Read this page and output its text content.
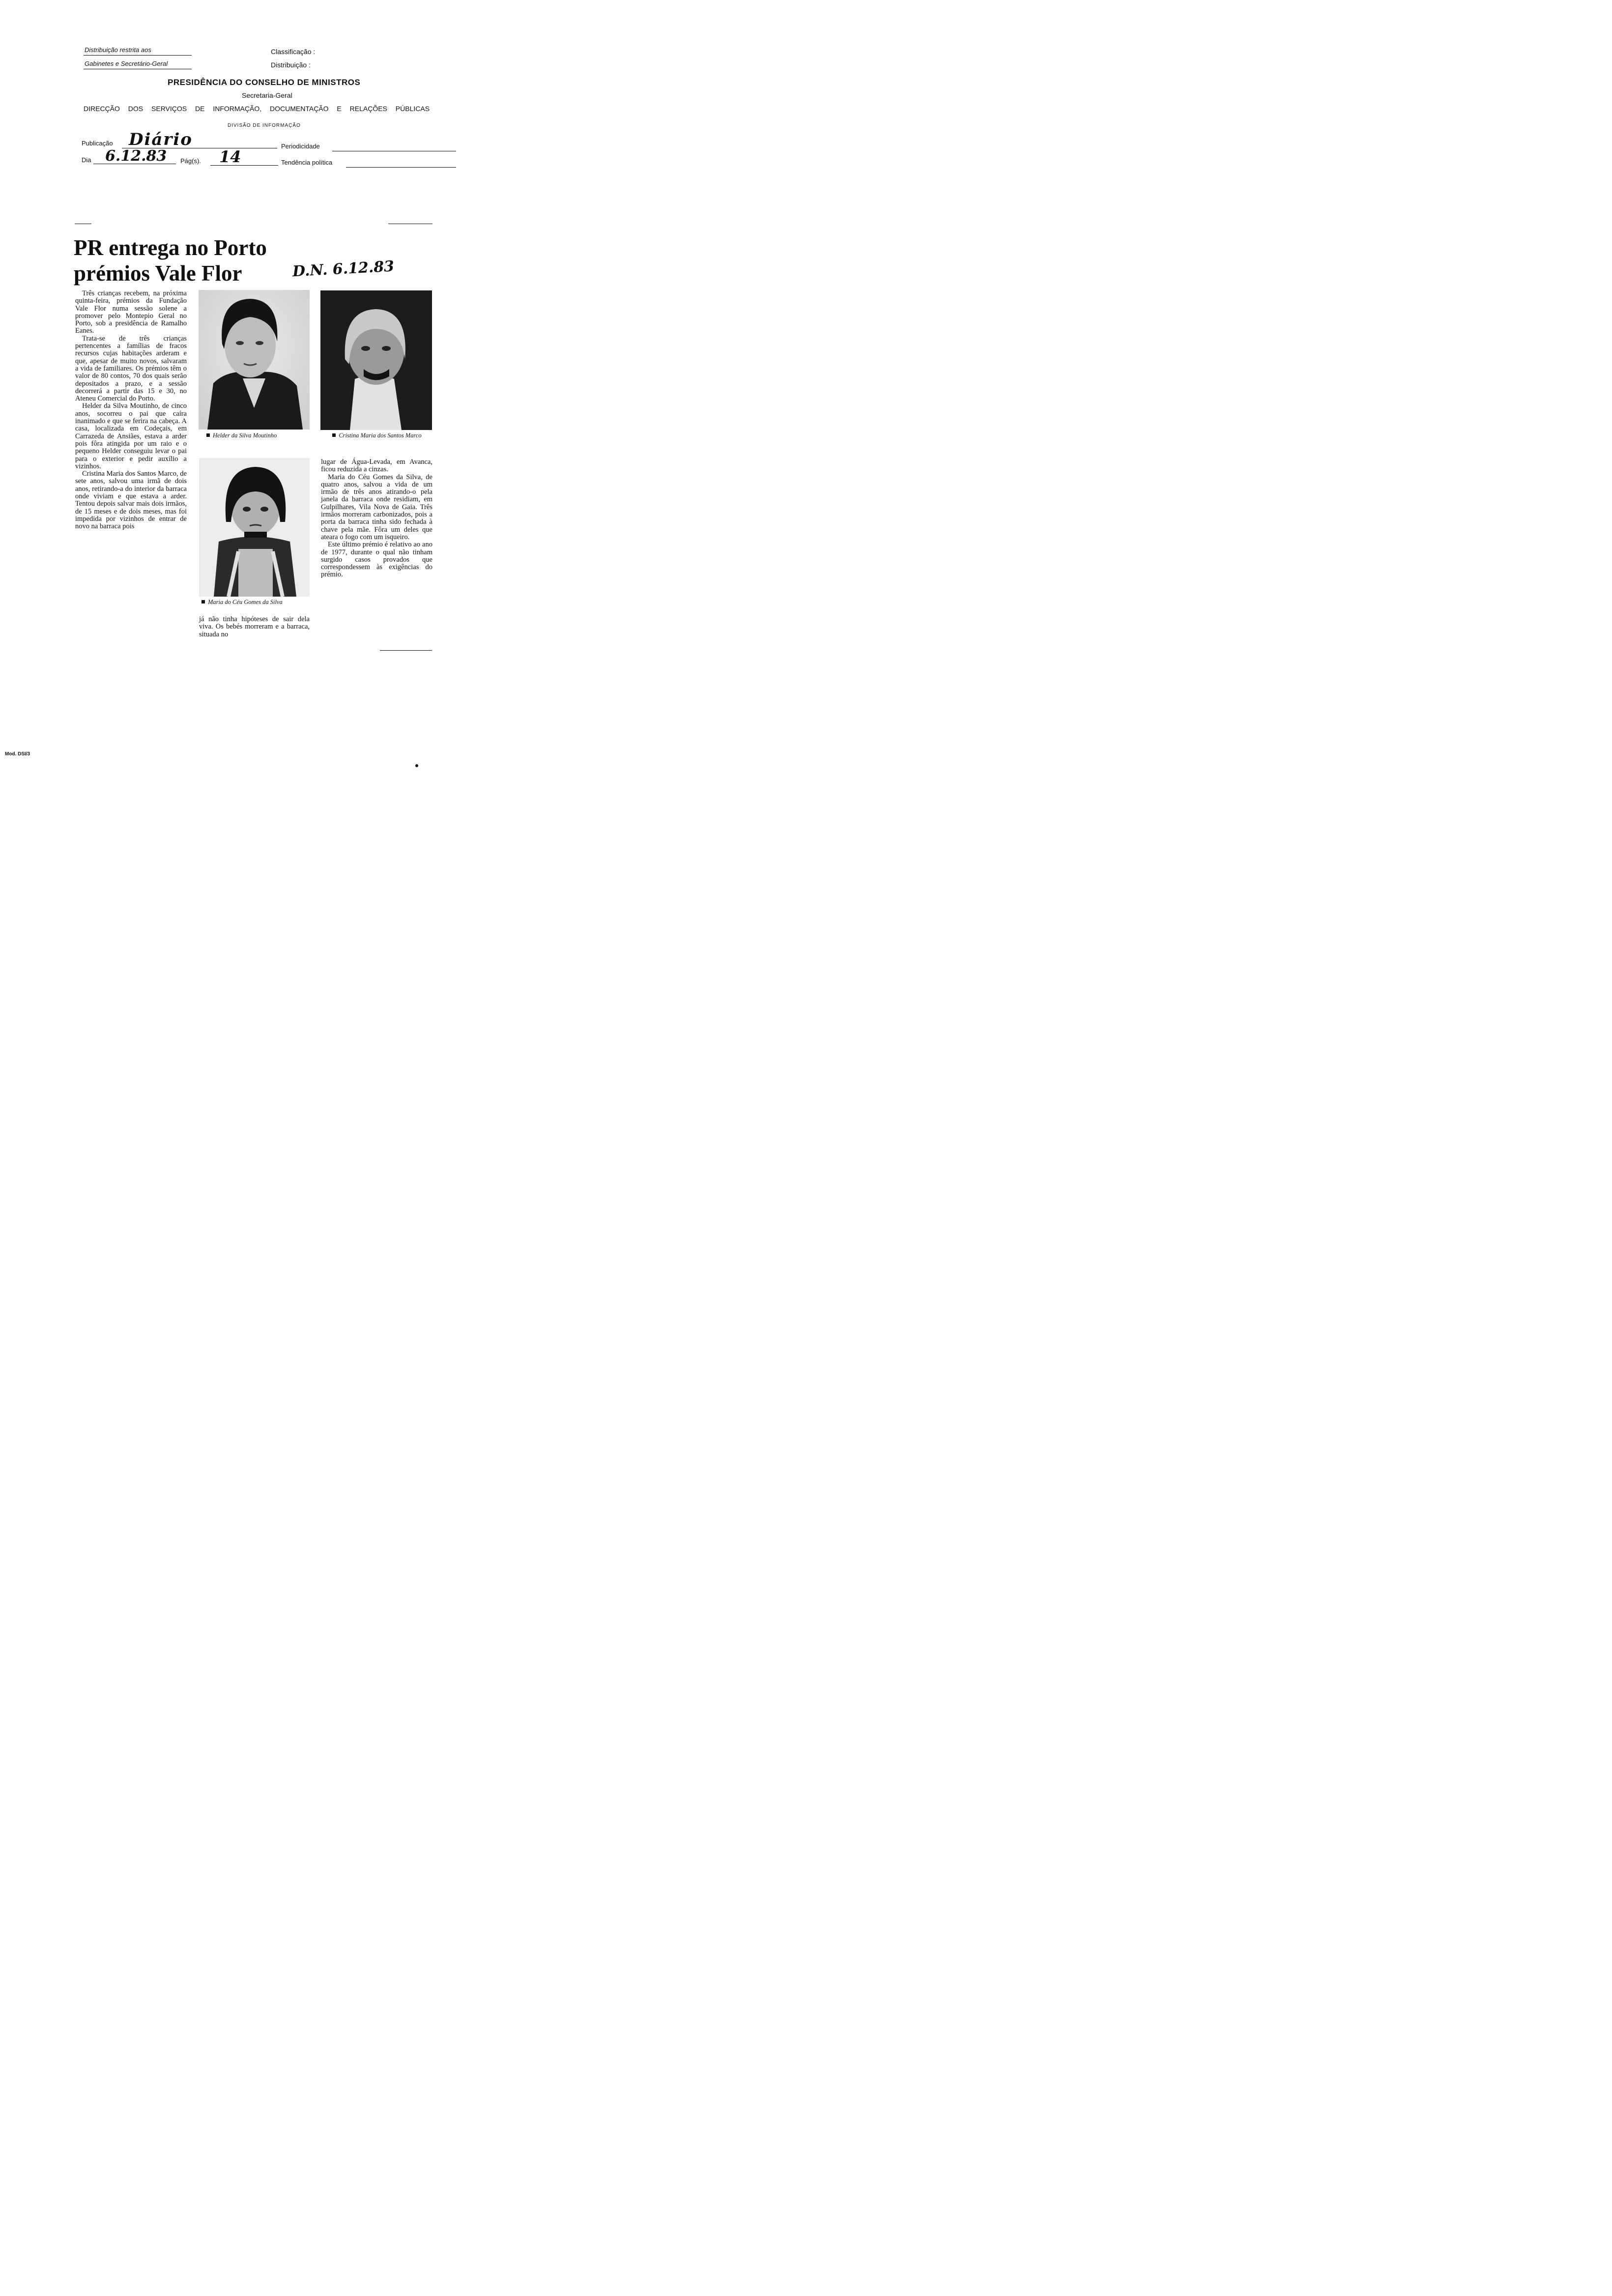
Distribuição restrita aos
Gabinetes e Secretário-Geral
Classificação :
Distribuição :
PRESIDÊNCIA DO CONSELHO DE MINISTROS
Secretaria-Geral
DIRECÇÃO DOS SERVIÇOS DE INFORMAÇÃO, DOCUMENTAÇÃO E RELAÇÕES PÚBLICAS
DIVISÃO DE INFORMAÇÃO
Publicação Diário	Periodicidade
Dia 6.12.83 Pág(s). 14	Tendência política
PR entrega no Porto
prémios Vale Flor	D.N. 6.12.83

Três crianças recebem, na próxima quinta-feira, prémios da Fundação Vale Flor numa sessão solene a promover pelo Montepio Geral no Porto, sob a presidência de Ramalho Eanes.

Trata-se de três crianças pertencentes a famílias de fracos recursos cujas habitações arderam e que, apesar de muito novos, salvaram a vida de familiares. Os prémios têm o valor de 80 contos, 70 dos quais serão depositados a prazo, e a sessão decorrerá a partir das 15 e 30, no Ateneu Comercial do Porto.

Helder da Silva Moutinho, de cinco anos, socorreu o pai que caíra inanimado e que se ferira na cabeça. A casa, localizada em Codeçais, em Carrazeda de Ansiães, estava a arder pois fôra atingida por um raio e o pequeno Helder conseguiu levar o pai para o exterior e pedir auxílio a vizinhos.

Cristina Maria dos Santos Marco, de sete anos, salvou uma irmã de dois anos, retirando-a do interior da barraca onde viviam e que estava a arder. Tentou depois salvar mais dois irmãos, de 15 meses e de dois meses, mas foi impedida por vizinhos de entrar de novo na barraca pois

Helder da Silva Moutinho	Cristina Maria dos Santos Marco
Maria do Céu Gomes da Silva

já não tinha hipóteses de sair dela viva. Os bebés morreram e a barraca, situada no

lugar de Água-Levada, em Avanca, ficou reduzida a cinzas.

Maria do Céu Gomes da Silva, de quatro anos, salvou a vida de um irmão de três anos atirando-o pela janela da barraca onde residiam, em Gulpilhares, Vila Nova de Gaia. Três irmãos morreram carbonizados, pois a porta da barraca tinha sido fechada à chave pela mãe. Fôra um deles que ateara o fogo com um isqueiro.

Este último prémio é relativo ao ano de 1977, durante o qual não tinham surgido casos provados que correspondessem às exigências do prémio.

Mod. DSI/3
